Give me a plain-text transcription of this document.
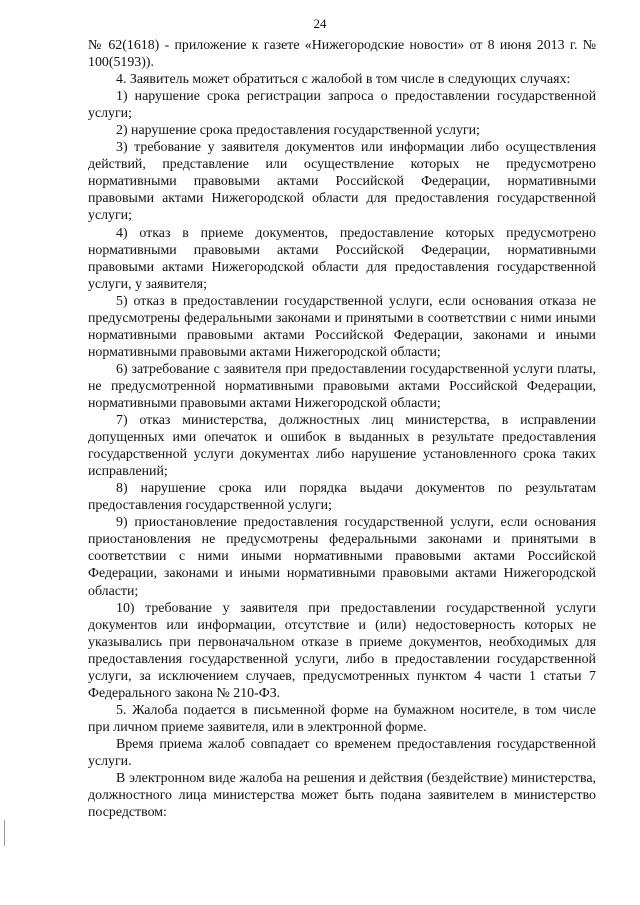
24

№ 62(1618) - приложение к газете «Нижегородские новости» от 8 июня 2013 г. № 100(5193)).

4. Заявитель может обратиться с жалобой в том числе в следующих случаях:

1) нарушение срока регистрации запроса о предоставлении государственной услуги;

2) нарушение срока предоставления государственной услуги;

3) требование у заявителя документов или информации либо осуществления действий, представление или осуществление которых не предусмотрено нормативными правовыми актами Российской Федерации, нормативными правовыми актами Нижегородской области для предоставления государственной услуги;

4) отказ в приеме документов, предоставление которых предусмотрено нормативными правовыми актами Российской Федерации, нормативными правовыми актами Нижегородской области для предоставления государственной услуги, у заявителя;

5) отказ в предоставлении государственной услуги, если основания отказа не предусмотрены федеральными законами и принятыми в соответствии с ними иными нормативными правовыми актами Российской Федерации, законами и иными нормативными правовыми актами Нижегородской области;

6) затребование с заявителя при предоставлении государственной услуги платы, не предусмотренной нормативными правовыми актами Российской Федерации, нормативными правовыми актами Нижегородской области;

7) отказ министерства, должностных лиц министерства, в исправлении допущенных ими опечаток и ошибок в выданных в результате предоставления государственной услуги документах либо нарушение установленного срока таких исправлений;

8) нарушение срока или порядка выдачи документов по результатам предоставления государственной услуги;

9) приостановление предоставления государственной услуги, если основания приостановления не предусмотрены федеральными законами и принятыми в соответствии с ними иными нормативными правовыми актами Российской Федерации, законами и иными нормативными правовыми актами Нижегородской области;

10) требование у заявителя при предоставлении государственной услуги документов или информации, отсутствие и (или) недостоверность которых не указывались при первоначальном отказе в приеме документов, необходимых для предоставления государственной услуги, либо в предоставлении государственной услуги, за исключением случаев, предусмотренных пунктом 4 части 1 статьи 7 Федерального закона № 210-ФЗ.

5. Жалоба подается в письменной форме на бумажном носителе, в том числе при личном приеме заявителя, или в электронной форме.

Время приема жалоб совпадает со временем предоставления государственной услуги.

В электронном виде жалоба на решения и действия (бездействие) министерства, должностного лица министерства может быть подана заявителем в министерство посредством:
